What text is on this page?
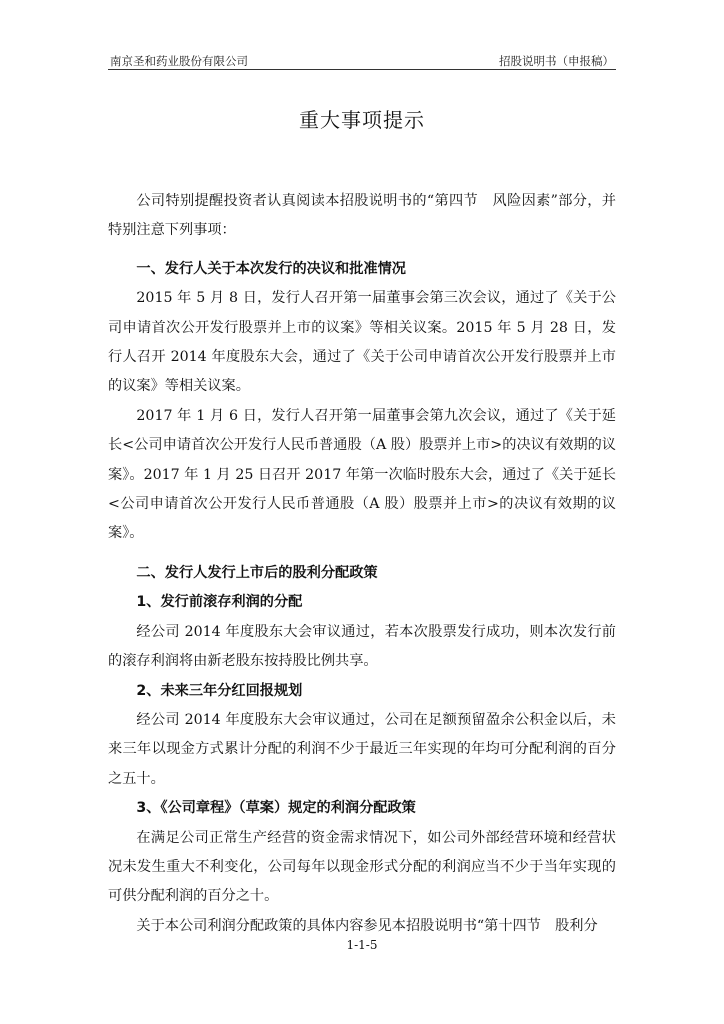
南京圣和药业股份有限公司	招股说明书（申报稿）
重大事项提示

公司特别提醒投资者认真阅读本招股说明书的“第四节　风险因素”部分，并特别注意下列事项：

一、发行人关于本次发行的决议和批准情况

2015 年 5 月 8 日，发行人召开第一届董事会第三次会议，通过了《关于公司申请首次公开发行股票并上市的议案》等相关议案。2015 年 5 月 28 日，发行人召开 2014 年度股东大会，通过了《关于公司申请首次公开发行股票并上市的议案》等相关议案。

2017 年 1 月 6 日，发行人召开第一届董事会第九次会议，通过了《关于延长<公司申请首次公开发行人民币普通股（A 股）股票并上市>的决议有效期的议案》。2017 年 1 月 25 日召开 2017 年第一次临时股东大会，通过了《关于延长<公司申请首次公开发行人民币普通股（A 股）股票并上市>的决议有效期的议案》。

二、发行人发行上市后的股利分配政策
1、发行前滚存利润的分配

经公司 2014 年度股东大会审议通过，若本次股票发行成功，则本次发行前的滚存利润将由新老股东按持股比例共享。

2、未来三年分红回报规划

经公司 2014 年度股东大会审议通过，公司在足额预留盈余公积金以后，未来三年以现金方式累计分配的利润不少于最近三年实现的年均可分配利润的百分之五十。

3、《公司章程》（草案）规定的利润分配政策

在满足公司正常生产经营的资金需求情况下，如公司外部经营环境和经营状况未发生重大不利变化，公司每年以现金形式分配的利润应当不少于当年实现的可供分配利润的百分之十。

关于本公司利润分配政策的具体内容参见本招股说明书“第十四节　股利分

1-1-5
